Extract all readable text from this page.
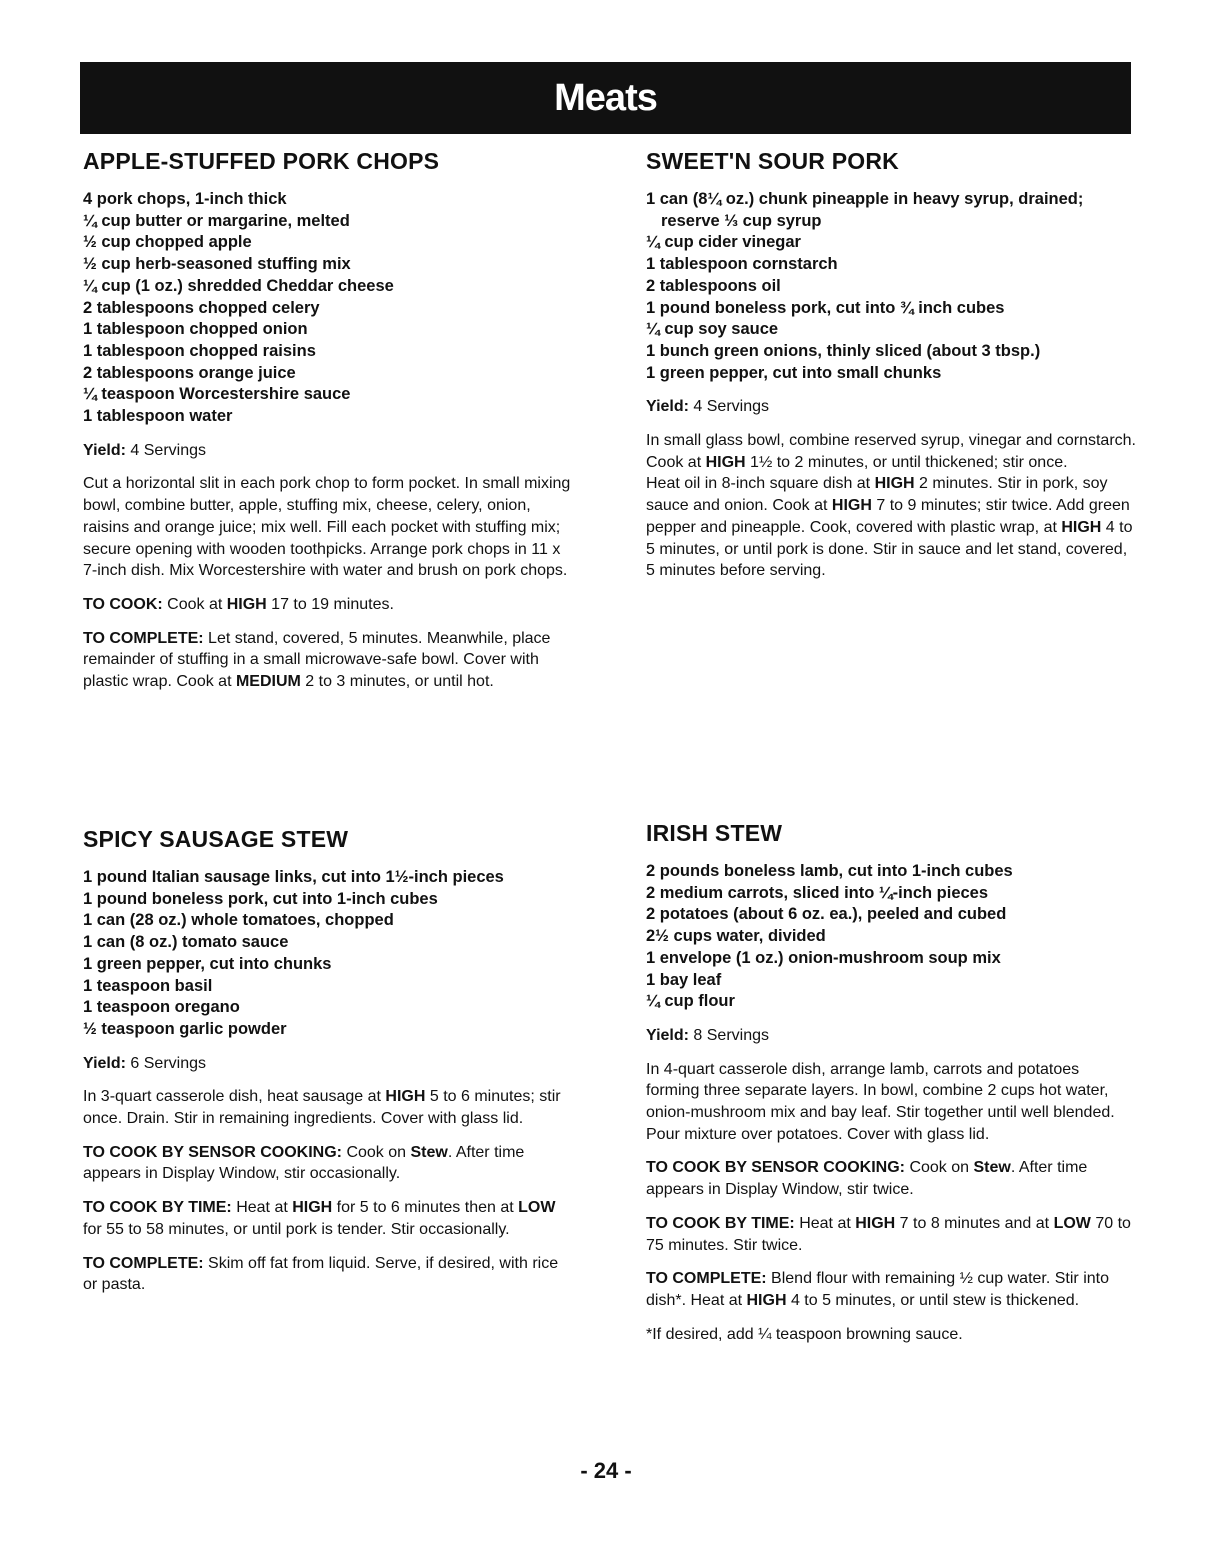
Meats
APPLE-STUFFED PORK CHOPS
4 pork chops, 1-inch thick
¼ cup butter or margarine, melted
½ cup chopped apple
½ cup herb-seasoned stuffing mix
¼ cup (1 oz.) shredded Cheddar cheese
2 tablespoons chopped celery
1 tablespoon chopped onion
1 tablespoon chopped raisins
2 tablespoons orange juice
¼ teaspoon Worcestershire sauce
1 tablespoon water

Yield: 4 Servings

Cut a horizontal slit in each pork chop to form pocket. In small mixing bowl, combine butter, apple, stuffing mix, cheese, celery, onion, raisins and orange juice; mix well. Fill each pocket with stuffing mix; secure opening with wooden toothpicks. Arrange pork chops in 11 x 7-inch dish. Mix Worcestershire with water and brush on pork chops.

TO COOK: Cook at HIGH 17 to 19 minutes.

TO COMPLETE: Let stand, covered, 5 minutes. Meanwhile, place remainder of stuffing in a small microwave-safe bowl. Cover with plastic wrap. Cook at MEDIUM 2 to 3 minutes, or until hot.

SWEET'N SOUR PORK
1 can (8¼ oz.) chunk pineapple in heavy syrup, drained; reserve ⅓ cup syrup
¼ cup cider vinegar
1 tablespoon cornstarch
2 tablespoons oil
1 pound boneless pork, cut into ¾ inch cubes
¼ cup soy sauce
1 bunch green onions, thinly sliced (about 3 tbsp.)
1 green pepper, cut into small chunks

Yield: 4 Servings

In small glass bowl, combine reserved syrup, vinegar and cornstarch. Cook at HIGH 1½ to 2 minutes, or until thickened; stir once.
Heat oil in 8-inch square dish at HIGH 2 minutes. Stir in pork, soy sauce and onion. Cook at HIGH 7 to 9 minutes; stir twice. Add green pepper and pineapple. Cook, covered with plastic wrap, at HIGH 4 to 5 minutes, or until pork is done. Stir in sauce and let stand, covered, 5 minutes before serving.

SPICY SAUSAGE STEW
1 pound Italian sausage links, cut into 1½-inch pieces
1 pound boneless pork, cut into 1-inch cubes
1 can (28 oz.) whole tomatoes, chopped
1 can (8 oz.) tomato sauce
1 green pepper, cut into chunks
1 teaspoon basil
1 teaspoon oregano
½ teaspoon garlic powder

Yield: 6 Servings

In 3-quart casserole dish, heat sausage at HIGH 5 to 6 minutes; stir once. Drain. Stir in remaining ingredients. Cover with glass lid.

TO COOK BY SENSOR COOKING: Cook on Stew. After time appears in Display Window, stir occasionally.

TO COOK BY TIME: Heat at HIGH for 5 to 6 minutes then at LOW for 55 to 58 minutes, or until pork is tender. Stir occasionally.

TO COMPLETE: Skim off fat from liquid. Serve, if desired, with rice or pasta.

IRISH STEW
2 pounds boneless lamb, cut into 1-inch cubes
2 medium carrots, sliced into ¼-inch pieces
2 potatoes (about 6 oz. ea.), peeled and cubed
2½ cups water, divided
1 envelope (1 oz.) onion-mushroom soup mix
1 bay leaf
¼ cup flour

Yield: 8 Servings

In 4-quart casserole dish, arrange lamb, carrots and potatoes forming three separate layers. In bowl, combine 2 cups hot water, onion-mushroom mix and bay leaf. Stir together until well blended. Pour mixture over potatoes. Cover with glass lid.

TO COOK BY SENSOR COOKING: Cook on Stew. After time appears in Display Window, stir twice.

TO COOK BY TIME: Heat at HIGH 7 to 8 minutes and at LOW 70 to 75 minutes. Stir twice.

TO COMPLETE: Blend flour with remaining ½ cup water. Stir into dish*. Heat at HIGH 4 to 5 minutes, or until stew is thickened.

*If desired, add ¼ teaspoon browning sauce.

- 24 -
